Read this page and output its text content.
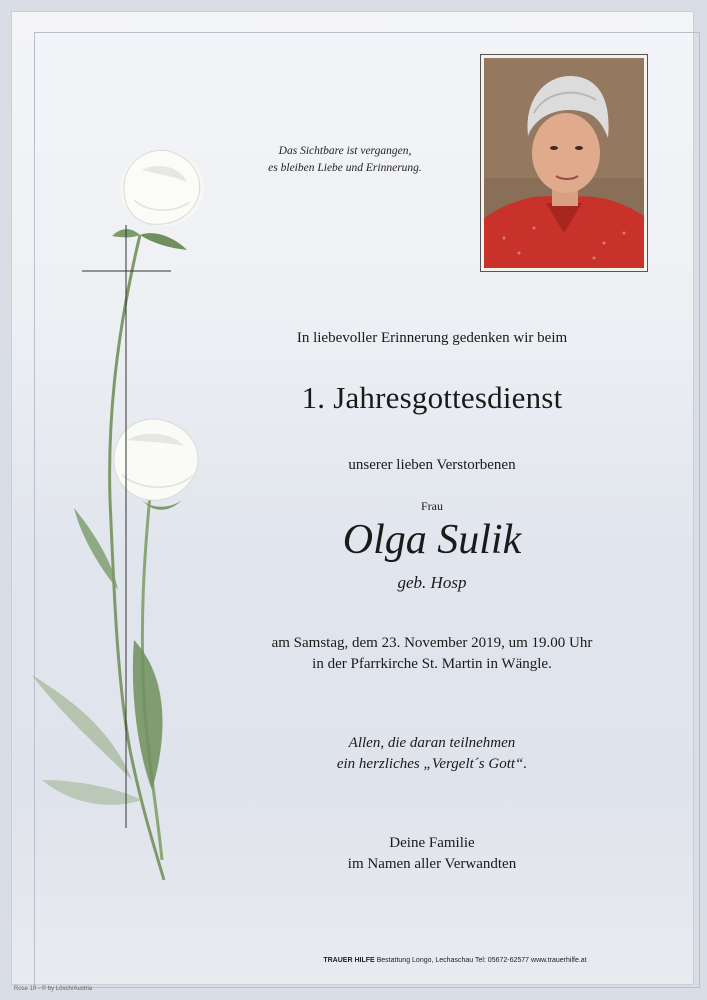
Das Sichtbare ist vergangen,
es bleiben Liebe und Erinnerung.
In liebevoller Erinnerung gedenken wir beim
1. Jahresgottesdienst
unserer lieben Verstorbenen
Frau
Olga Sulik
geb. Hosp
am Samstag, dem 23. November 2019, um 19.00 Uhr
in der Pfarrkirche St. Martin in Wängle.
Allen, die daran teilnehmen
ein herzliches „Vergelt´s Gott“.
Deine Familie
im Namen aller Verwandten
TRAUER HILFE Bestattung Longo, Lechaschau Tel: 05672-62577 www.trauerhilfe.at
Rose 10 - © by Lösch/Austria
